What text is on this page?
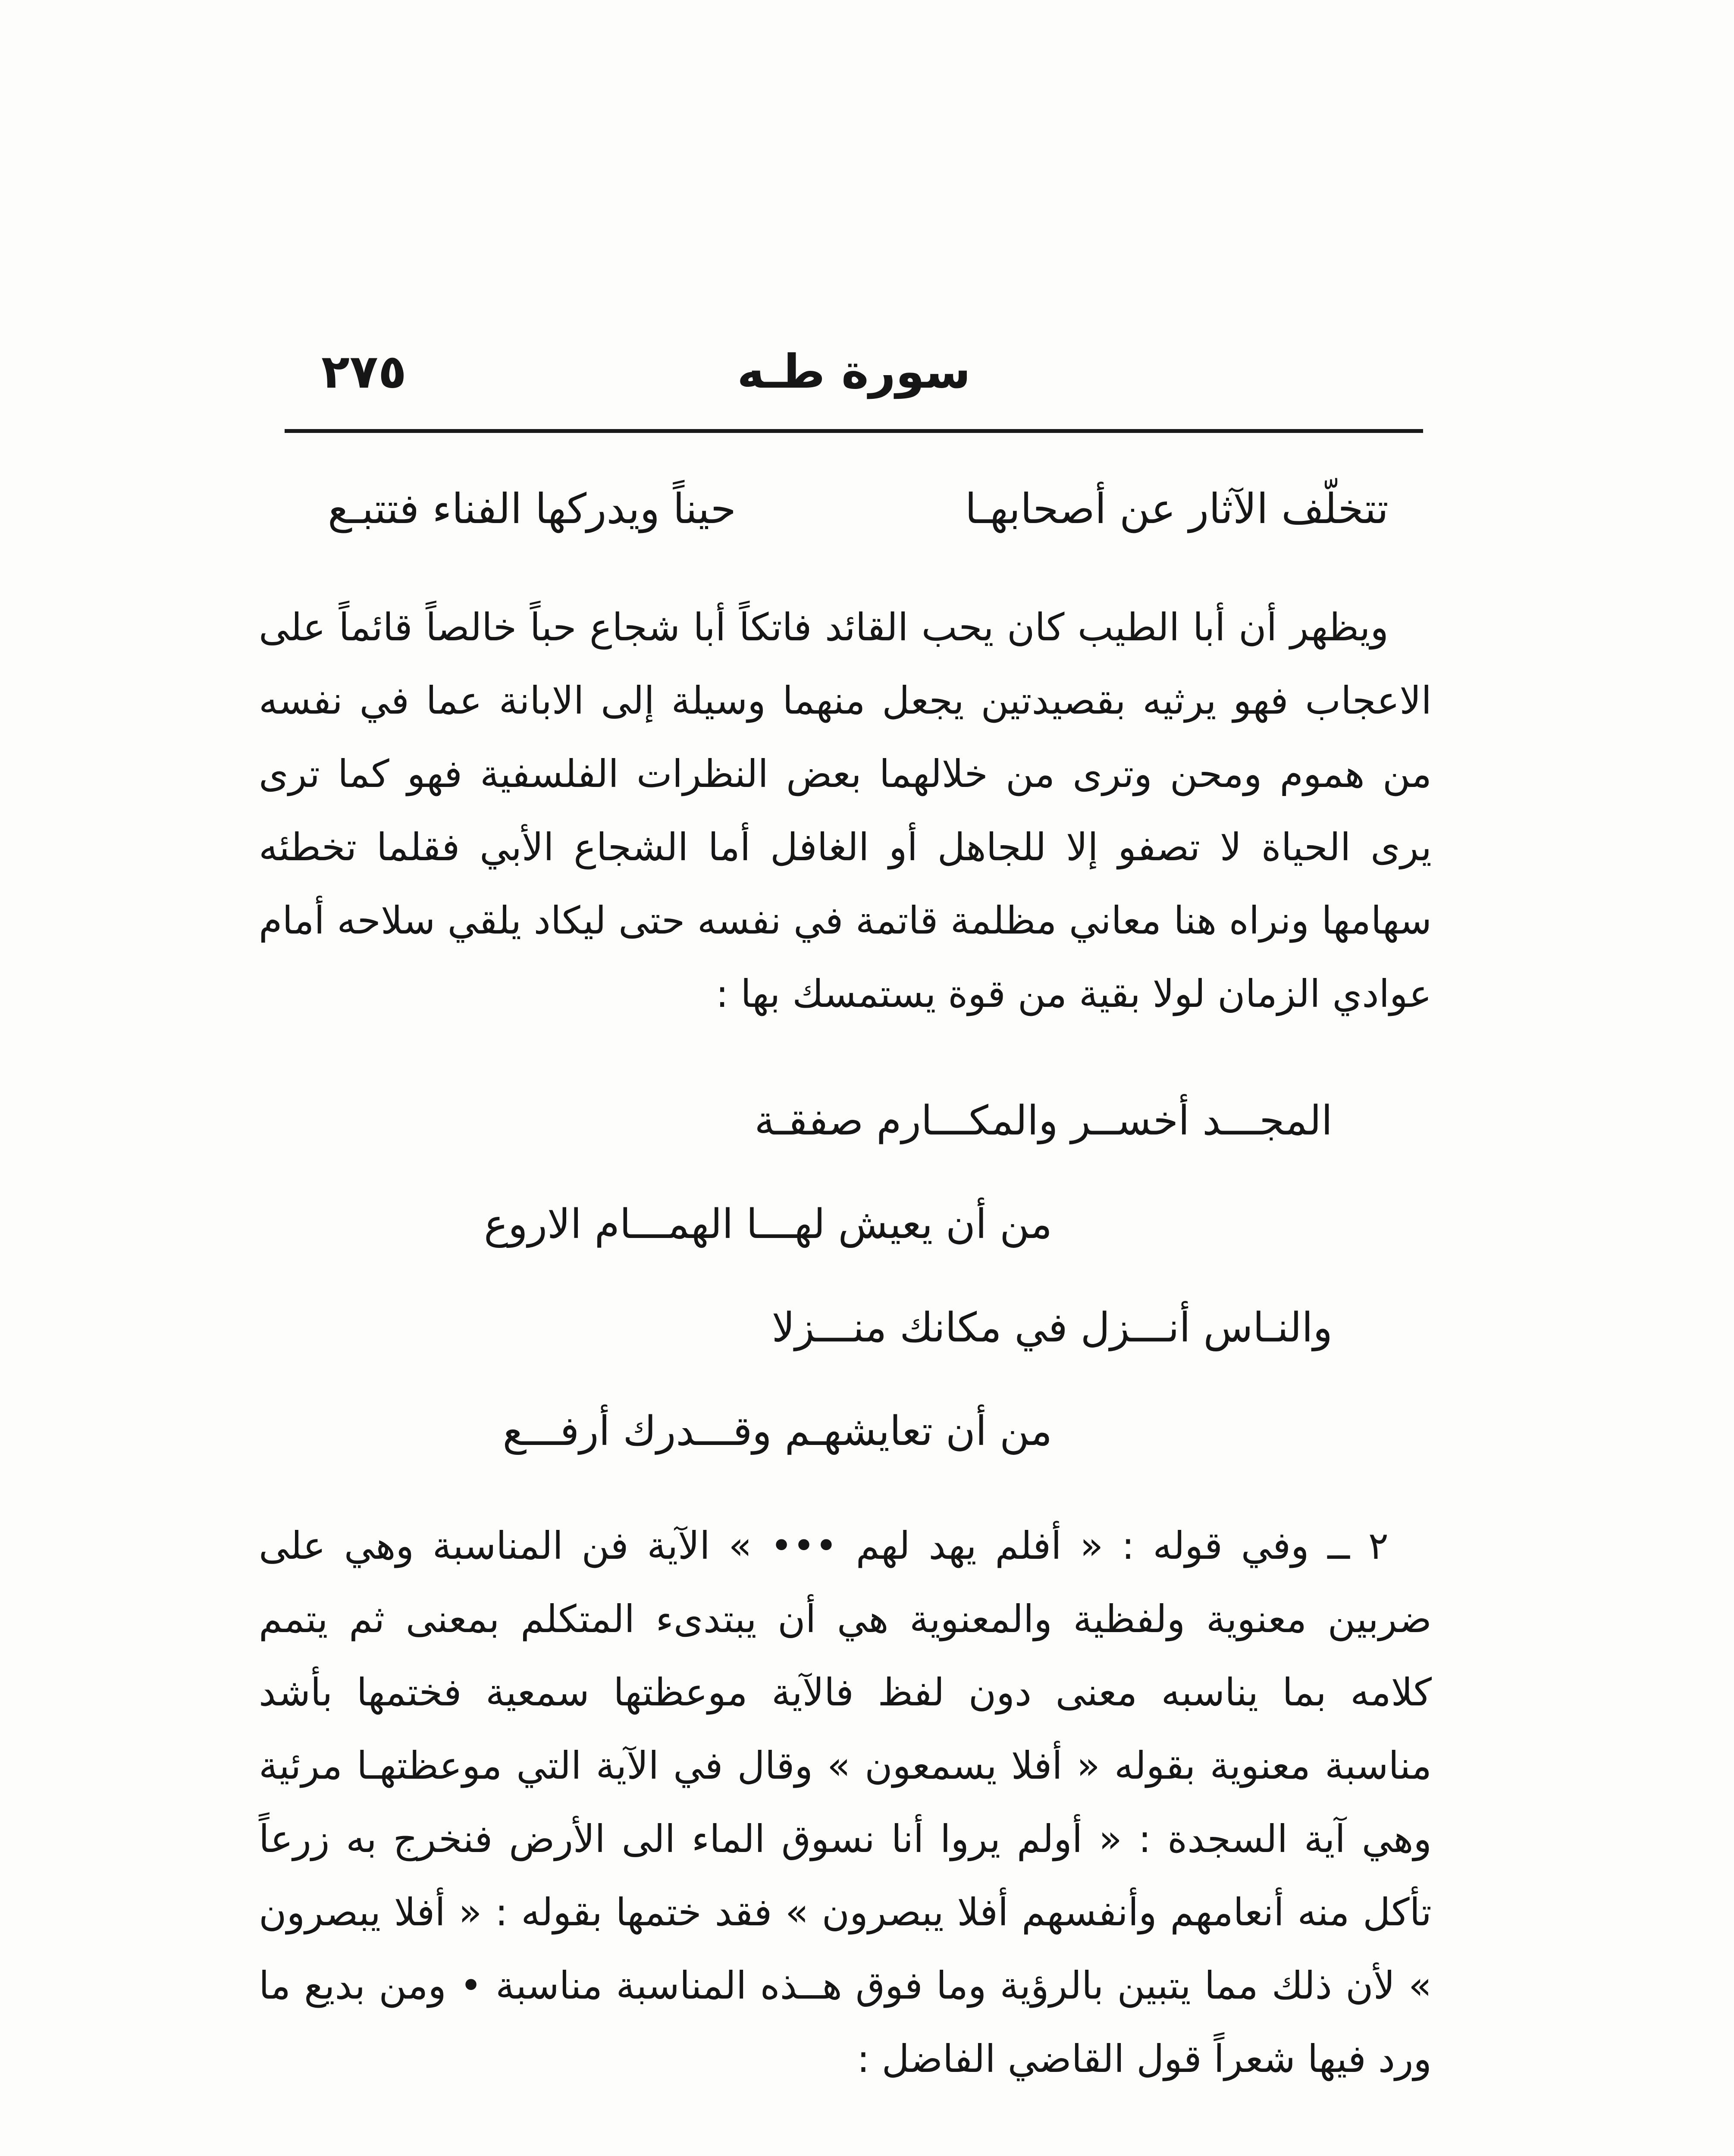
سورة طـه
٢٧٥
تتخلّف الآثار عن أصحابهـا
حيناً ويدركها الفناء فتتبـع

ويظهر أن أبا الطيب كان يحب القائد فاتكاً أبا شجاع حباً خالصاً قائماً على الاعجاب فهو يرثيه بقصيدتين يجعل منهما وسيلة إلى الابانة عما في نفسه من هموم ومحن وترى من خلالهما بعض النظرات الفلسفية فهو كما ترى يرى الحياة لا تصفو إلا للجاهل أو الغافل أما الشجاع الأبي فقلما تخطئه سهامها ونراه هنا معاني مظلمة قاتمة في نفسه حتى ليكاد يلقي سلاحه أمام عوادي الزمان لولا بقية من قوة يستمسك بها :

المجـــد أخســر والمكـــارم صفقـة
من أن يعيش لهـــا الهمـــام الاروع
والنـاس أنـــزل في مكانك منـــزلا
من أن تعايشهـم وقـــدرك أرفـــع

٢ ــ وفي قوله : « أفلم يهد لهم ••• » الآية فن المناسبة وهي على ضربين معنوية ولفظية والمعنوية هي أن يبتدىء المتكلم بمعنى ثم يتمم كلامه بما يناسبه معنى دون لفظ فالآية موعظتها سمعية فختمها بأشد مناسبة معنوية بقوله « أفلا يسمعون » وقال في الآية التي موعظتهـا مرئية وهي آية السجدة : « أولم يروا أنا نسوق الماء الى الأرض فنخرج به زرعاً تأكل منه أنعامهم وأنفسهم أفلا يبصرون » فقد ختمها بقوله : « أفلا يبصرون » لأن ذلك مما يتبين بالرؤية وما فوق هــذه المناسبة مناسبة • ومن بديع ما ورد فيها شعراً قول القاضي الفاضل :
